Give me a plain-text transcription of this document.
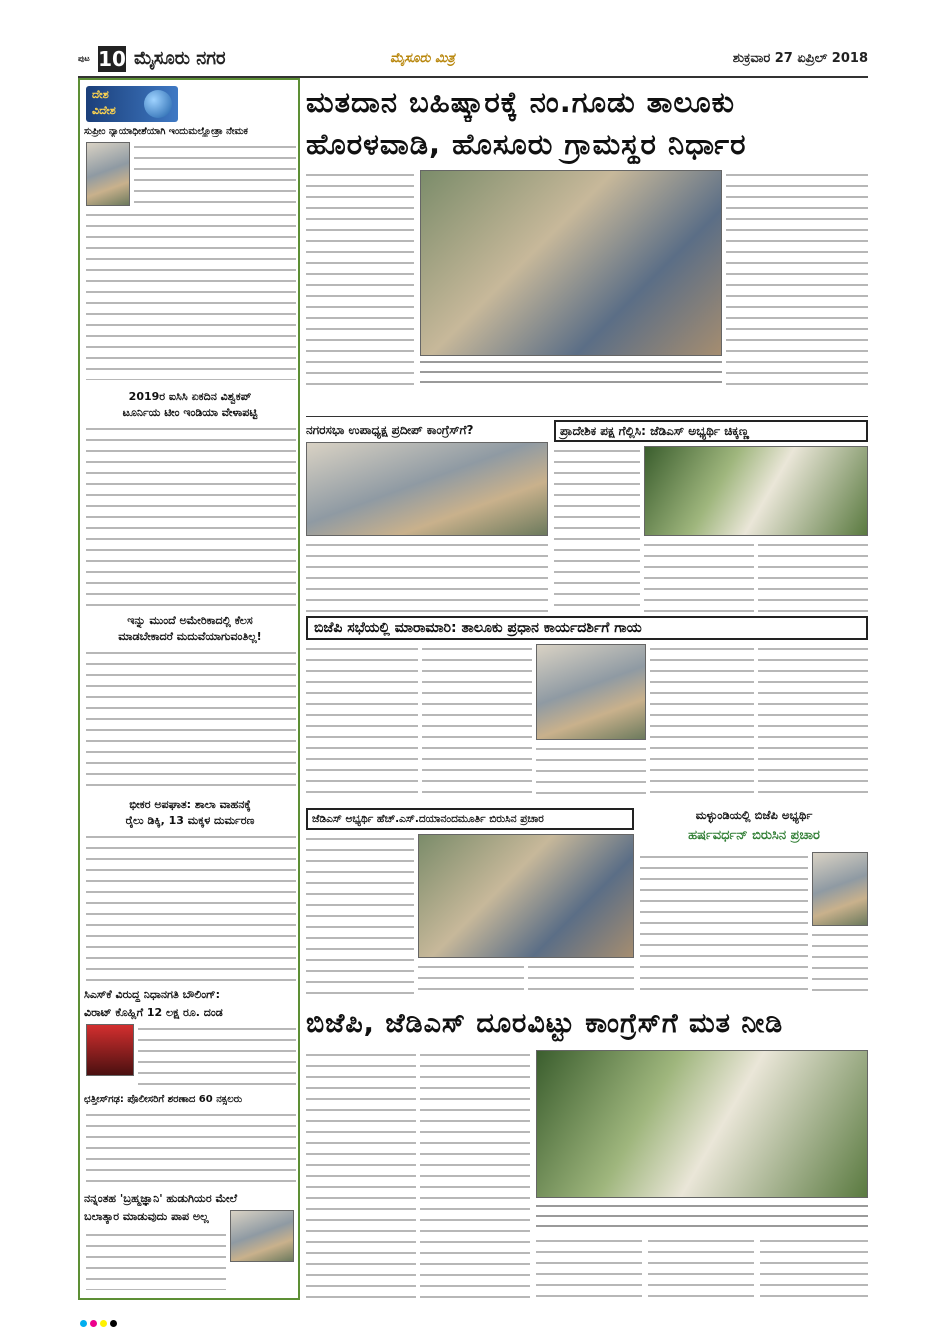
ಪುಟ 10 ಮೈಸೂರು ನಗರ	ಮೈಸೂರು ಮಿತ್ರ	ಶುಕ್ರವಾರ 27 ಏಪ್ರಿಲ್ 2018
ದೇಶ
ವಿದೇಶ
ಸುಪ್ರೀಂ ನ್ಯಾಯಾಧೀಶೆಯಾಗಿ ಇಂದುಮಲ್ಹೋತ್ರಾ ನೇಮಕ
2019ರ ಐಸಿಸಿ ಏಕದಿನ ವಿಶ್ವಕಪ್
ಟೂರ್ನಿಯ ಟೀಂ ಇಂಡಿಯಾ ವೇಳಾಪಟ್ಟಿ
ಇನ್ನು ಮುಂದೆ ಅಮೇರಿಕಾದಲ್ಲಿ ಕೆಲಸ
ಮಾಡಬೇಕಾದರೆ ಮದುವೆಯಾಗುವಂತಿಲ್ಲ!
ಭೀಕರ ಅಪಘಾತ: ಶಾಲಾ ವಾಹನಕ್ಕೆ
ರೈಲು ಡಿಕ್ಕಿ, 13 ಮಕ್ಕಳ ದುರ್ಮರಣ
ಸಿಎಸ್‌ಕೆ ವಿರುದ್ಧ ನಿಧಾನಗತಿ ಬೌಲಿಂಗ್:
ವಿರಾಟ್ ಕೊಹ್ಲಿಗೆ 12 ಲಕ್ಷ ರೂ. ದಂಡ
ಛತ್ತೀಸ್‌ಗಢ: ಪೊಲೀಸರಿಗೆ ಶರಣಾದ 60 ನಕ್ಸಲರು
ನನ್ನಂತಹ 'ಬ್ರಹ್ಮಜ್ಞಾನಿ' ಹುಡುಗಿಯರ ಮೇಲೆ
ಬಲಾತ್ಕಾರ ಮಾಡುವುದು ಪಾಪ ಅಲ್ಲ
ಮತದಾನ ಬಹಿಷ್ಕಾರಕ್ಕೆ ನಂ.ಗೂಡು ತಾಲೂಕು
ಹೊರಳವಾಡಿ, ಹೊಸೂರು ಗ್ರಾಮಸ್ಥರ ನಿರ್ಧಾರ
ನಗರಸಭಾ ಉಪಾಧ್ಯಕ್ಷ ಪ್ರದೀಪ್ ಕಾಂಗ್ರೆಸ್‌ಗೆ?	ಪ್ರಾದೇಶಿಕ ಪಕ್ಷ ಗೆಲ್ಲಿಸಿ: ಜೆಡಿಎಸ್ ಅಭ್ಯರ್ಥಿ ಚಿಕ್ಕಣ್ಣ
ಬಿಜೆಪಿ ಸಭೆಯಲ್ಲಿ ಮಾರಾಮಾರಿ: ತಾಲೂಕು ಪ್ರಧಾನ ಕಾರ್ಯದರ್ಶಿಗೆ ಗಾಯ
ಜೆಡಿಎಸ್ ಅಭ್ಯರ್ಥಿ ಹೆಚ್.ಎಸ್.ದಯಾನಂದಮೂರ್ತಿ ಬಿರುಸಿನ ಪ್ರಚಾರ	ಮಳ್ಳುಂಡಿಯಲ್ಲಿ ಬಿಜೆಪಿ ಅಭ್ಯರ್ಥಿ
ಹರ್ಷವರ್ಧನ್ ಬಿರುಸಿನ ಪ್ರಚಾರ
ಬಿಜೆಪಿ, ಜೆಡಿಎಸ್ ದೂರವಿಟ್ಟು ಕಾಂಗ್ರೆಸ್‌ಗೆ ಮತ ನೀಡಿ
